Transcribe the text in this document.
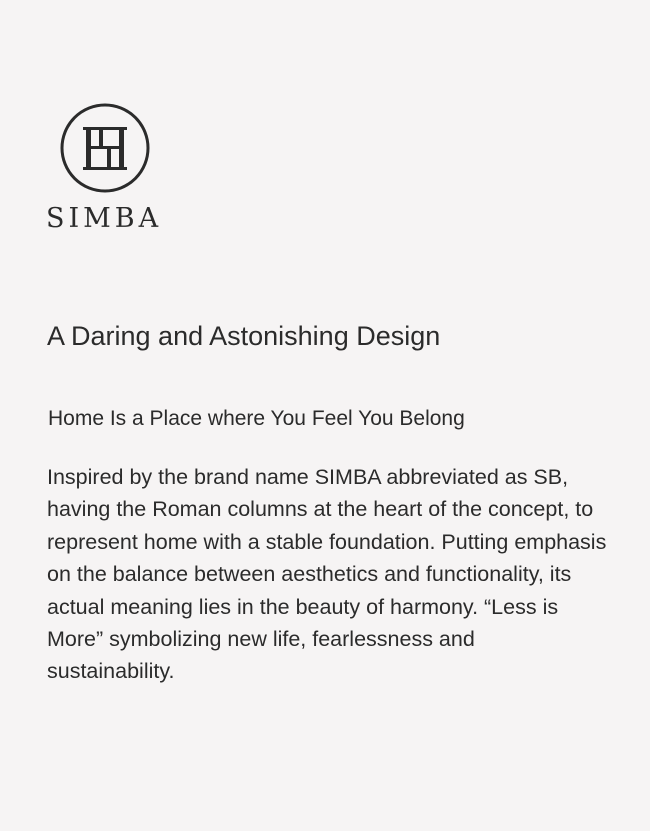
SIMBA
A Daring and Astonishing Design
Home Is a Place where You Feel You Belong

Inspired by the brand name SIMBA abbreviated as SB, having the Roman columns at the heart of the concept, to represent home with a stable foundation. Putting emphasis on the balance between aesthetics and functionality, its actual meaning lies in the beauty of harmony. “Less is More” symbolizing new life, fearlessness and sustainability.
